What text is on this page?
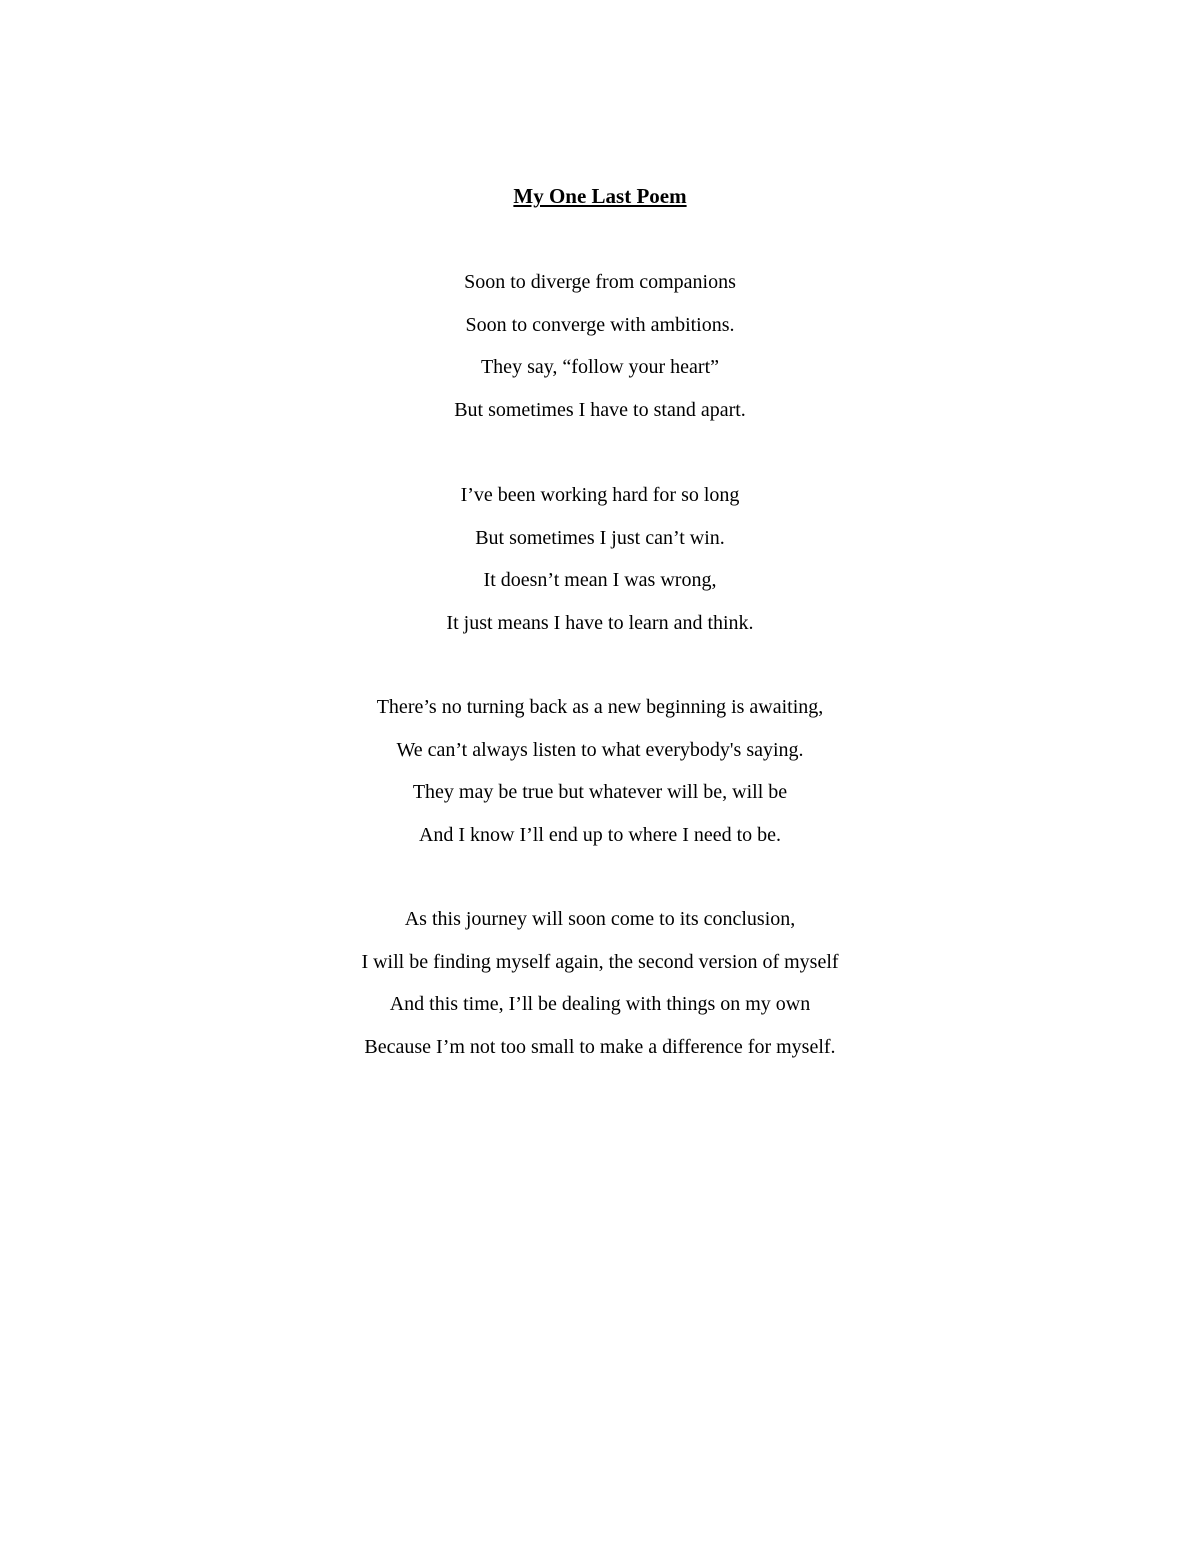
My One Last Poem
Soon to diverge from companions
Soon to converge with ambitions.
They say, “follow your heart”
But sometimes I have to stand apart.
I’ve been working hard for so long
But sometimes I just can’t win.
It doesn’t mean I was wrong,
It just means I have to learn and think.
There’s no turning back as a new beginning is awaiting,
We can’t always listen to what everybody's saying.
They may be true but whatever will be, will be
And I know I’ll end up to where I need to be.
As this journey will soon come to its conclusion,
I will be finding myself again, the second version of myself
And this time, I’ll be dealing with things on my own
Because I’m not too small to make a difference for myself.
